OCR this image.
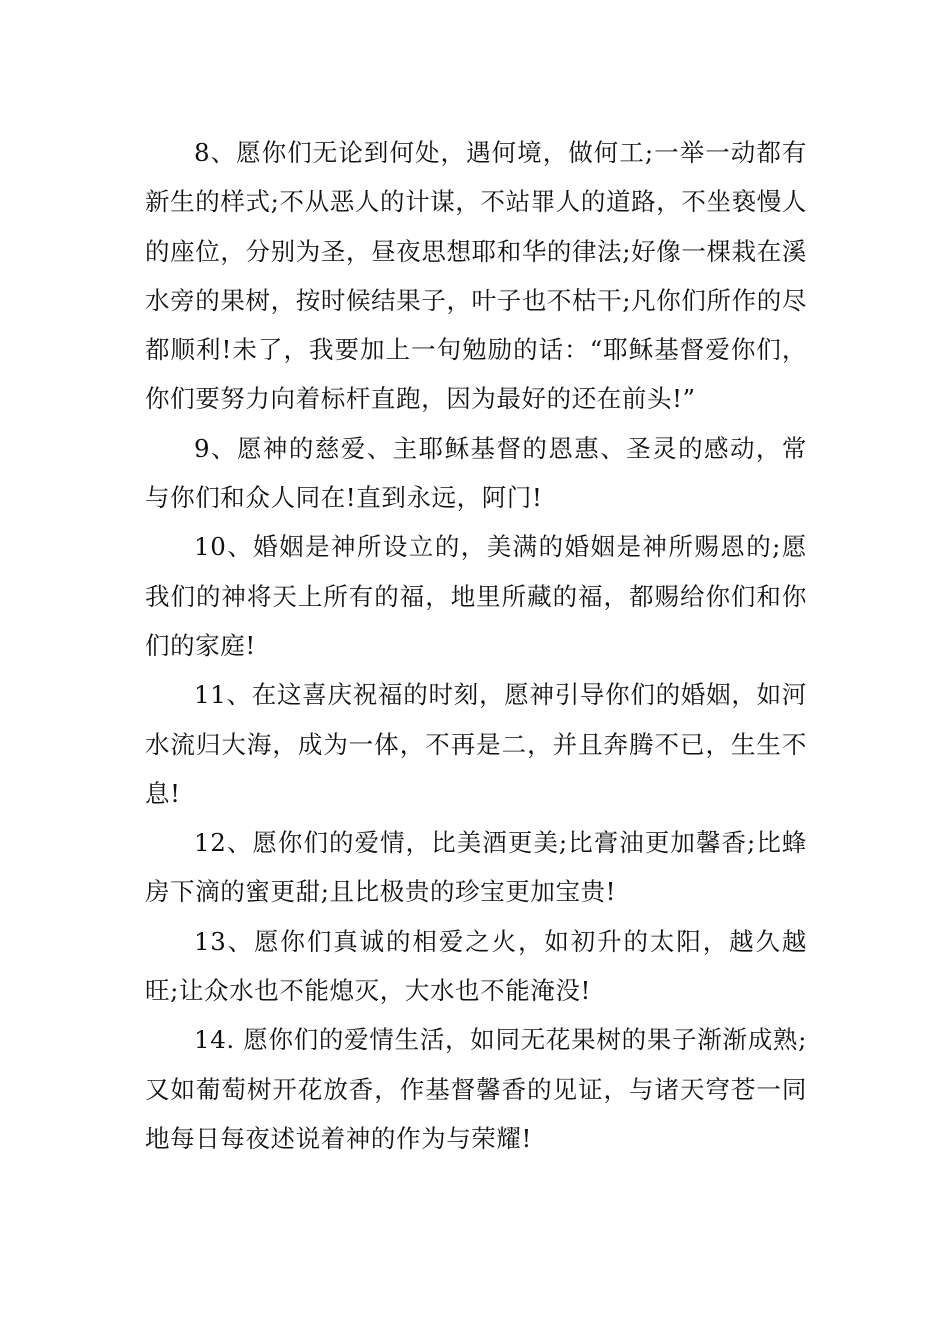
8、愿你们无论到何处，遇何境，做何工;一举一动都有新生的样式;不从恶人的计谋，不站罪人的道路，不坐亵慢人的座位，分别为圣，昼夜思想耶和华的律法;好像一棵栽在溪水旁的果树，按时候结果子，叶子也不枯干;凡你们所作的尽都顺利!未了，我要加上一句勉励的话：“耶稣基督爱你们，你们要努力向着标杆直跑，因为最好的还在前头!”

9、愿神的慈爱、主耶稣基督的恩惠、圣灵的感动，常与你们和众人同在!直到永远，阿门!

10、婚姻是神所设立的，美满的婚姻是神所赐恩的;愿我们的神将天上所有的福，地里所藏的福，都赐给你们和你们的家庭!

11、在这喜庆祝福的时刻，愿神引导你们的婚姻，如河水流归大海，成为一体，不再是二，并且奔腾不已，生生不息!

12、愿你们的爱情，比美酒更美;比膏油更加馨香;比蜂房下滴的蜜更甜;且比极贵的珍宝更加宝贵!

13、愿你们真诚的相爱之火，如初升的太阳，越久越旺;让众水也不能熄灭，大水也不能淹没!

14. 愿你们的爱情生活，如同无花果树的果子渐渐成熟;又如葡萄树开花放香，作基督馨香的见证，与诸天穹苍一同地每日每夜述说着神的作为与荣耀!
